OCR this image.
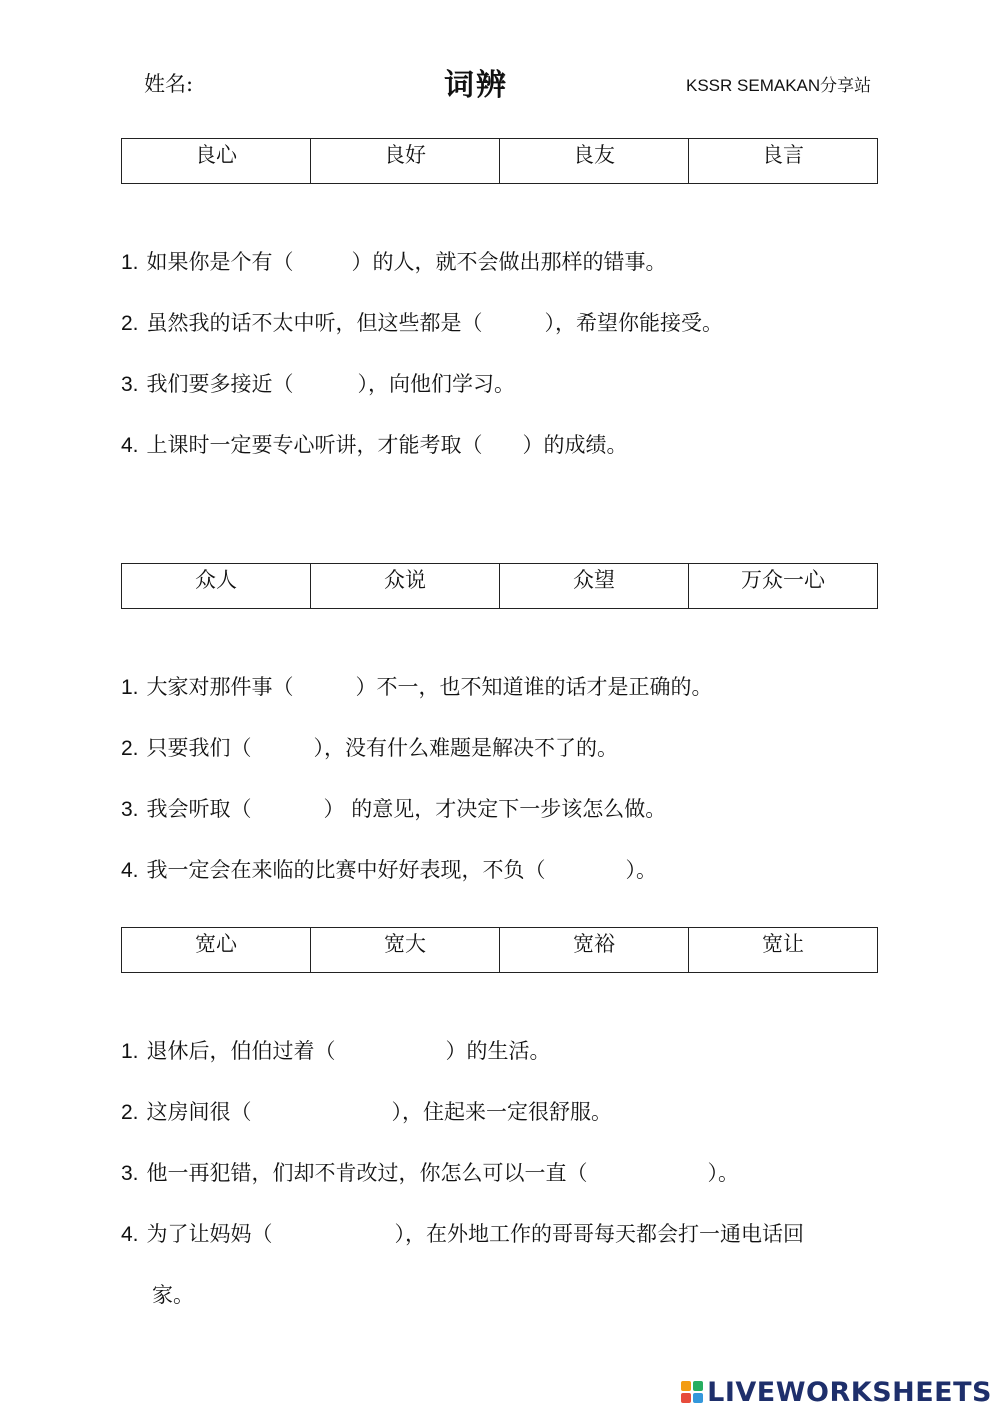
姓名:	词辨	KSSR SEMAKAN分享站
良心	良好	良友	良言
1. 如果你是个有（	）的人，就不会做出那样的错事。
2. 虽然我的话不太中听，但这些都是（	），希望你能接受。
3. 我们要多接近（	），向他们学习。
4. 上课时一定要专心听讲，才能考取（ ）的成绩。
众人	众说	众望	万众一心
1. 大家对那件事（	）不一，也不知道谁的话才是正确的。
2. 只要我们（	），没有什么难题是解决不了的。
3. 我会听取（	） 的意见，才决定下一步该怎么做。
4. 我一定会在来临的比赛中好好表现，不负（	）。
宽心	宽大	宽裕	宽让
1. 退休后，伯伯过着（	）的生活。
2. 这房间很（	），住起来一定很舒服。
3. 他一再犯错，们却不肯改过，你怎么可以一直（	）。
4. 为了让妈妈（	），在外地工作的哥哥每天都会打一通电话回
家。
LIVEWORKSHEETS
